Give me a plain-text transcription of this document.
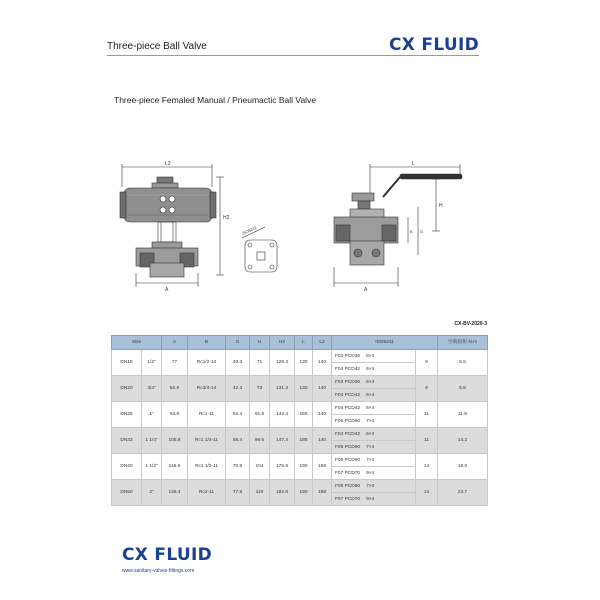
Three-piece Ball Valve	CX FLUID
Three-piece Femaled Manual / Pneumactic Ball Valve
L2
H2
A
ISO5211
L
H
G
B
A
CX-BV-2020-3
Size		A	B	G	H	H2	L	L2	ISO5211		空载扭矩 N.m
DN15	1/2"	77	Rc1/2-14	40.3	71	129.3	130	140	F03 PCD36 6×4	9	5.5
									F04 PCD42 6×4		
DN20	3/4"	82.9	Rc3/4-14	42.3	73	131.3	130	140	F03 PCD36 6×4	9	5.5
									F04 PCD42 6×4		
DN25	1"	93.8	Rc1-11	53.4	91.6	142.4	165	140	F04 PCD42 6×4	11	11.8
									F05 PCD50 7×4		
DN32	1 1/4"	105.8	Rc1 1/4-11	58.4	96.6	147.4	185	140	F04 PCD42 6×4	11	14.2
									F05 PCD50 7×4		
DN40	1 1/2"	116.6	Rc1 1/2-11	70.8	104	175.8	190	159	F05 PCD50 7×4	14	19.0
									F07 PCD70 9×4		
DN50	2"	136.4	Rc2-11	77.8	110	182.8	190	159	F05 PCD50 7×4	14	23.7
									F07 PCD70 9×4		
CX FLUID
www.sanitary-valves-fittings.com
